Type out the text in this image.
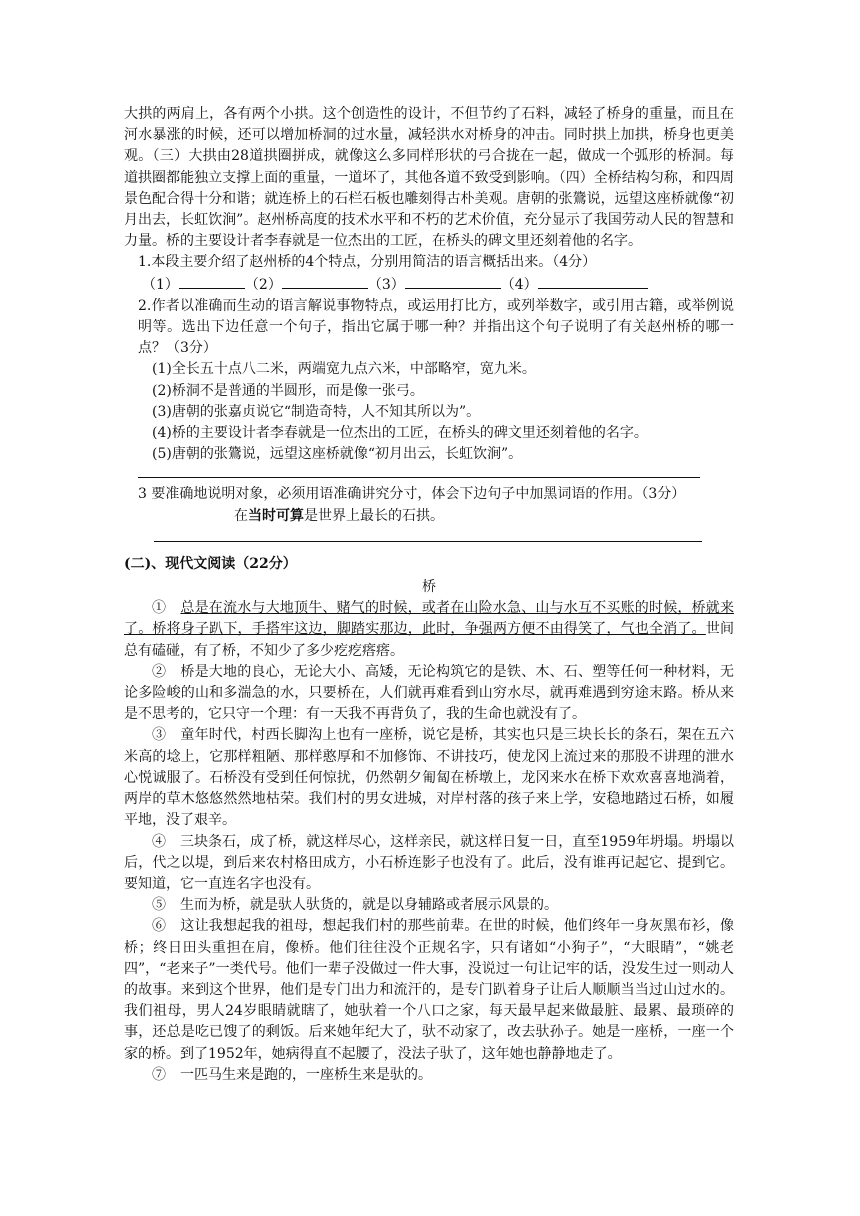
大拱的两肩上，各有两个小拱。这个创造性的设计，不但节约了石料，减轻了桥身的重量，而且在河水暴涨的时候，还可以增加桥洞的过水量，减轻洪水对桥身的冲击。同时拱上加拱，桥身也更美观。（三）大拱由28道拱圈拼成，就像这么多同样形状的弓合拢在一起，做成一个弧形的桥洞。每道拱圈都能独立支撑上面的重量，一道坏了，其他各道不致受到影响。（四）全桥结构匀称，和四周景色配合得十分和谐；就连桥上的石栏石板也雕刻得古朴美观。唐朝的张鷟说，远望这座桥就像“初月出去，长虹饮涧”。赵州桥高度的技术水平和不朽的艺术价值，充分显示了我国劳动人民的智慧和力量。桥的主要设计者李春就是一位杰出的工匠，在桥头的碑文里还刻着他的名字。

1.本段主要介绍了赵州桥的4个特点，分别用简洁的语言概括出来。（4分）

（1）	（2）	（3）	（4）

2.作者以准确而生动的语言解说事物特点，或运用打比方，或列举数字，或引用古籍，或举例说明等。选出下边任意一个句子，指出它属于哪一种？并指出这个句子说明了有关赵州桥的哪一点？（3分）

(1)全长五十点八二米，两端宽九点六米，中部略窄，宽九米。

(2)桥洞不是普通的半圆形，而是像一张弓。

(3)唐朝的张嘉贞说它“制造奇特，人不知其所以为”。

(4)桥的主要设计者李春就是一位杰出的工匠，在桥头的碑文里还刻着他的名字。

(5)唐朝的张鷟说，远望这座桥就像“初月出云，长虹饮涧”。

3 要准确地说明对象，必须用语准确讲究分寸，体会下边句子中加黑词语的作用。（3分）

在当时可算是世界上最长的石拱。

(二)、现代文阅读（22分）

桥

①　 总是在流水与大地顶牛、赌气的时候，或者在山险水急、山与水互不买账的时候，桥就来了。桥将身子趴下，手搭牢这边，脚踏实那边，此时，争强两方便不由得笑了，气也全消了。世间总有磕碰，有了桥，不知少了多少疙疙瘩瘩。

②　桥是大地的良心，无论大小、高矮，无论构筑它的是铁、木、石、塑等任何一种材料，无论多险峻的山和多湍急的水，只要桥在，人们就再难看到山穷水尽，就再难遇到穷途末路。桥从来是不思考的，它只守一个理：有一天我不再背负了，我的生命也就没有了。

③　童年时代，村西长脚沟上也有一座桥，说它是桥，其实也只是三块长长的条石，架在五六米高的埝上，它那样粗陋、那样憨厚和不加修饰、不讲技巧，使龙冈上流过来的那股不讲理的泄水心悦诚服了。石桥没有受到任何惊扰，仍然朝夕匍匐在桥墩上，龙冈来水在桥下欢欢喜喜地淌着，两岸的草木悠悠然然地枯荣。我们村的男女进城，对岸村落的孩子来上学，安稳地踏过石桥，如履平地，没了艰辛。

④　三块条石，成了桥，就这样尽心，这样亲民，就这样日复一日，直至1959年坍塌。坍塌以后，代之以堤，到后来农村格田成方，小石桥连影子也没有了。此后，没有谁再记起它、提到它。要知道，它一直连名字也没有。

⑤　生而为桥，就是驮人驮货的，就是以身辅路或者展示风景的。

⑥　这让我想起我的祖母，想起我们村的那些前辈。在世的时候，他们终年一身灰黑布衫，像桥；终日田头重担在肩，像桥。他们往往没个正规名字，只有诸如“小狗子”，“大眼睛”，“姚老四”，“老来子”一类代号。他们一辈子没做过一件大事，没说过一句让记牢的话，没发生过一则动人的故事。来到这个世界，他们是专门出力和流汗的，是专门趴着身子让后人顺顺当当过山过水的。我们祖母，男人24岁眼睛就瞎了，她驮着一个八口之家，每天最早起来做最脏、最累、最琐碎的事，还总是吃已馊了的剩饭。后来她年纪大了，驮不动家了，改去驮孙子。她是一座桥，一座一个家的桥。到了1952年，她病得直不起腰了，没法子驮了，这年她也静静地走了。

⑦　一匹马生来是跑的，一座桥生来是驮的。
